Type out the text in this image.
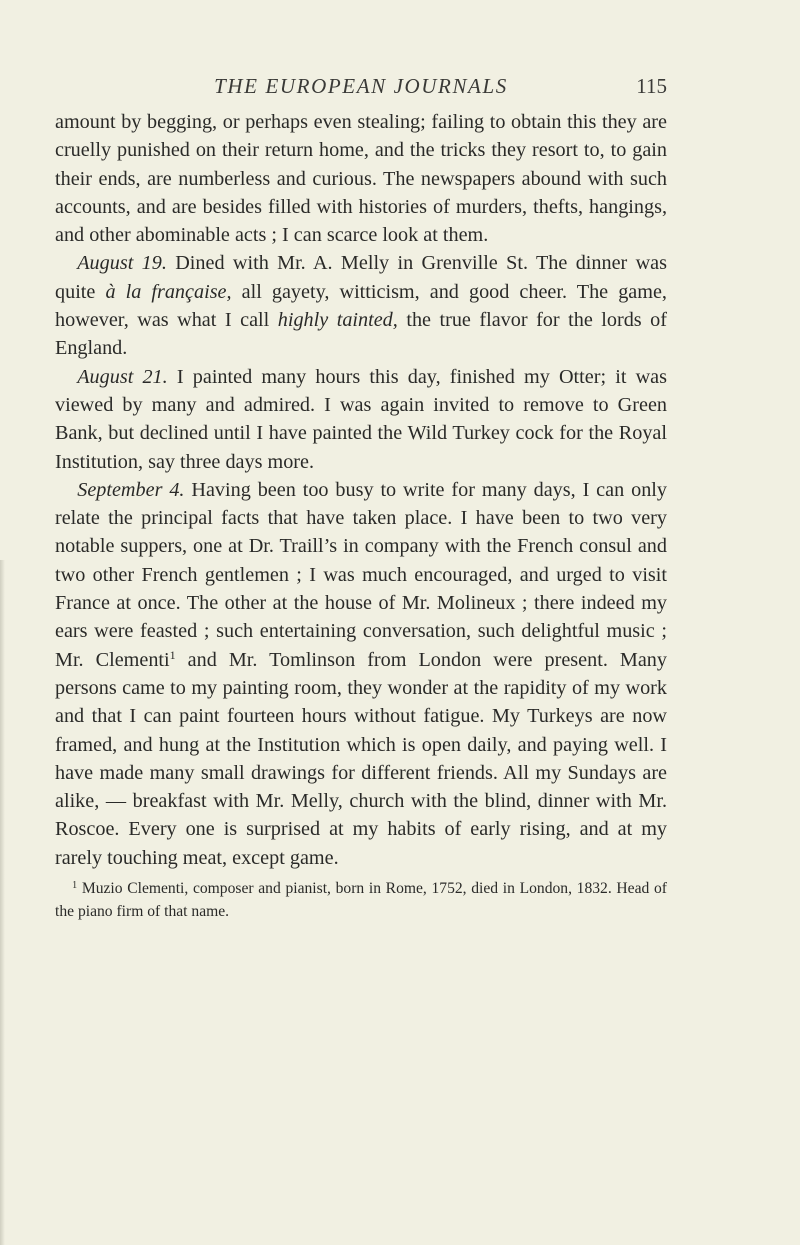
THE EUROPEAN JOURNALS	115

amount by begging, or perhaps even stealing; failing to obtain this they are cruelly punished on their return home, and the tricks they resort to, to gain their ends, are numberless and curious. The newspapers abound with such accounts, and are besides filled with histories of murders, thefts, hangings, and other abominable acts ; I can scarce look at them.

August 19. Dined with Mr. A. Melly in Grenville St. The dinner was quite à la française, all gayety, witticism, and good cheer. The game, however, was what I call highly tainted, the true flavor for the lords of England.

August 21. I painted many hours this day, finished my Otter; it was viewed by many and admired. I was again invited to remove to Green Bank, but declined until I have painted the Wild Turkey cock for the Royal Institution, say three days more.

September 4. Having been too busy to write for many days, I can only relate the principal facts that have taken place. I have been to two very notable suppers, one at Dr. Traill’s in company with the French consul and two other French gentlemen ; I was much encouraged, and urged to visit France at once. The other at the house of Mr. Molineux ; there indeed my ears were feasted ; such entertaining conversation, such delightful music ; Mr. Clementi$^1$ and Mr. Tomlinson from London were present. Many persons came to my painting room, they wonder at the rapidity of my work and that I can paint fourteen hours without fatigue. My Turkeys are now framed, and hung at the Institution which is open daily, and paying well. I have made many small drawings for different friends. All my Sundays are alike, — breakfast with Mr. Melly, church with the blind, dinner with Mr. Roscoe. Every one is surprised at my habits of early rising, and at my rarely touching meat, except game.

$^1$ Muzio Clementi, composer and pianist, born in Rome, 1752, died in London, 1832. Head of the piano firm of that name.
